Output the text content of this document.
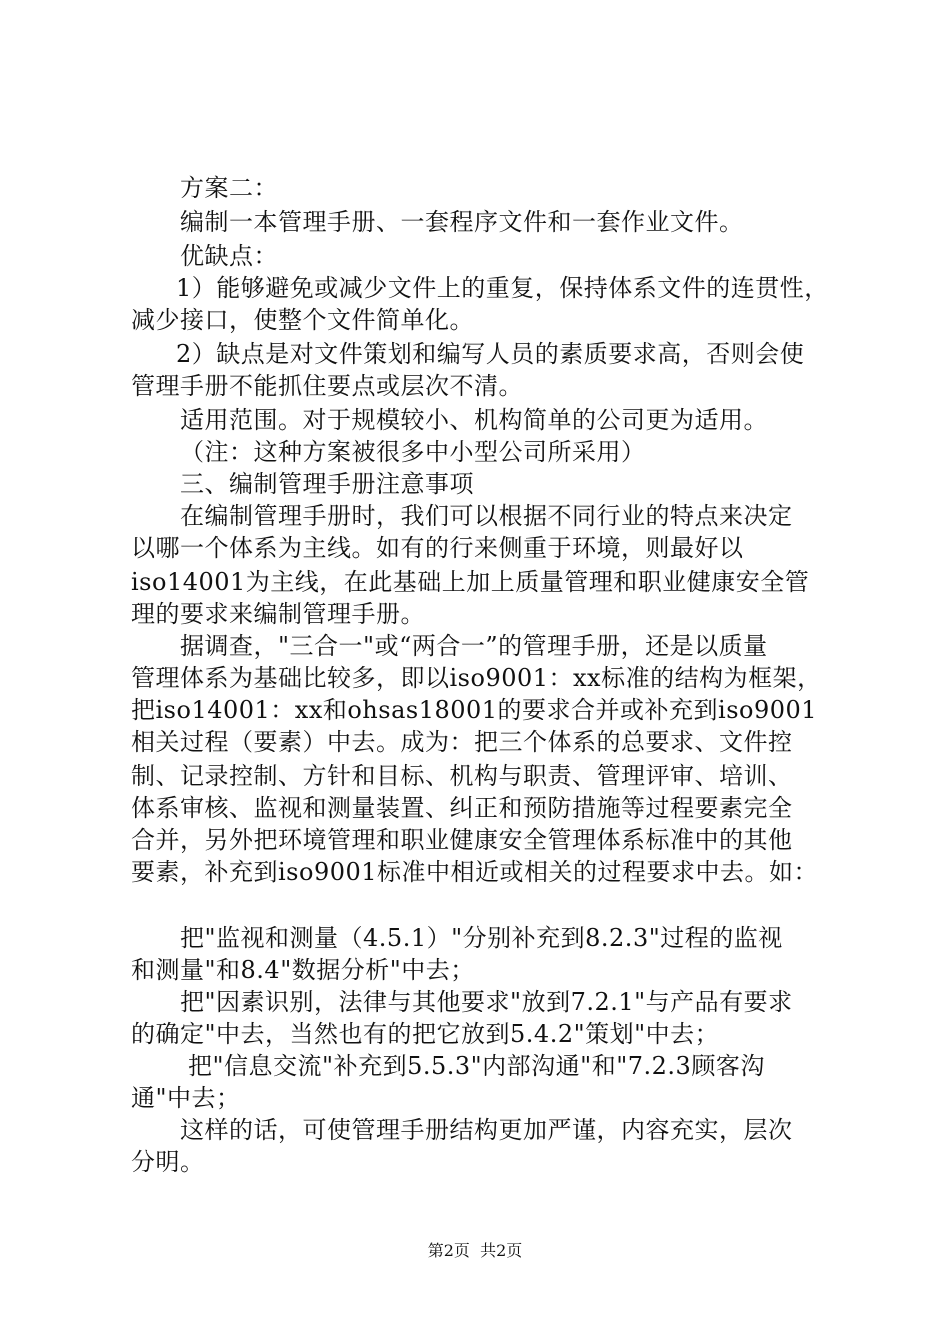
方案二：
编制一本管理手册、一套程序文件和一套作业文件。
优缺点：
1）能够避免或减少文件上的重复，保持体系文件的连贯性，
减少接口，使整个文件简单化。
2）缺点是对文件策划和编写人员的素质要求高，否则会使
管理手册不能抓住要点或层次不清。
适用范围。对于规模较小、机构简单的公司更为适用。
（注：这种方案被很多中小型公司所采用）
三、编制管理手册注意事项
在编制管理手册时，我们可以根据不同行业的特点来决定
以哪一个体系为主线。如有的行来侧重于环境，则最好以
iso14001为主线，在此基础上加上质量管理和职业健康安全管
理的要求来编制管理手册。
据调查，"三合一"或“两合一”的管理手册，还是以质量
管理体系为基础比较多，即以iso9001：xx标准的结构为框架，
把iso14001：xx和ohsas18001的要求合并或补充到iso9001
相关过程（要素）中去。成为：把三个体系的总要求、文件控
制、记录控制、方针和目标、机构与职责、管理评审、培训、
体系审核、监视和测量装置、纠正和预防措施等过程要素完全
合并，另外把环境管理和职业健康安全管理体系标准中的其他
要素，补充到iso9001标准中相近或相关的过程要求中去。如：
把"监视和测量（4.5.1）"分别补充到8.2.3"过程的监视
和测量"和8.4"数据分析"中去；
把"因素识别，法律与其他要求"放到7.2.1"与产品有要求
的确定"中去，当然也有的把它放到5.4.2"策划"中去；
把"信息交流"补充到5.5.3"内部沟通"和"7.2.3顾客沟
通"中去；
这样的话，可使管理手册结构更加严谨，内容充实，层次
分明。
第2页  共2页
